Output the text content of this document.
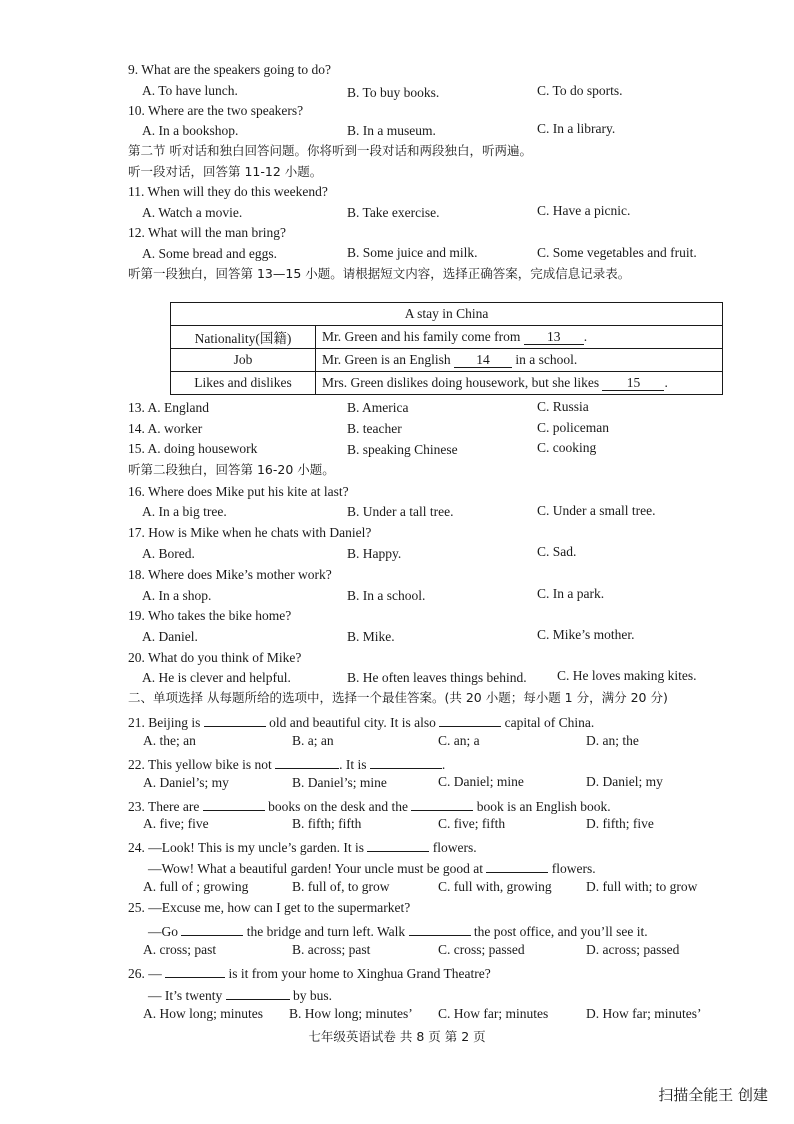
9. What are the speakers going to do?
A. To have lunch.	B. To buy books.	C. To do sports.
10. Where are the two speakers?
A. In a bookshop.	B. In a museum.	C. In a library.
第二节 听对话和独白回答问题。你将听到一段对话和两段独白，听两遍。
听一段对话，回答第 11-12 小题。
11. When will they do this weekend?
A. Watch a movie.	B. Take exercise.	C. Have a picnic.
12. What will the man bring?
A. Some bread and eggs.	B. Some juice and milk.	C. Some vegetables and fruit.
听第一段独白，回答第 13—15 小题。请根据短文内容，选择正确答案，完成信息记录表。
A stay in China	
Nationality(国籍)	Mr. Green and his family come from 13 .
Job	Mr. Green is an English 14 in a school.
Likes and dislikes	Mrs. Green dislikes doing housework, but she likes 15 .
13. A. England	B. America	C. Russia
14. A. worker	B. teacher	C. policeman
15. A. doing housework	B. speaking Chinese	C. cooking
听第二段独白，回答第 16-20 小题。
16. Where does Mike put his kite at last?
A. In a big tree.	B. Under a tall tree.	C. Under a small tree.
17. How is Mike when he chats with Daniel?
A. Bored.	B. Happy.	C. Sad.
18. Where does Mike’s mother work?
A. In a shop.	B. In a school.	C. In a park.
19. Who takes the bike home?
A. Daniel.	B. Mike.	C. Mike’s mother.
20. What do you think of Mike?
A. He is clever and helpful.	B. He often leaves things behind. C. He loves making kites.
二、单项选择 从每题所给的选项中，选择一个最佳答案。(共 20 小题；每小题 1 分，满分 20 分)
21. Beijing is	old and beautiful city. It is also	capital of China.
A. the; an	B. a; an	C. an; a	D. an; the
22. This yellow bike is not	. It is	.
A. Daniel’s; my	B. Daniel’s; mine	C. Daniel; mine	D. Daniel; my
23. There are	books on the desk and the	book is an English book.
A. five; five	B. fifth; fifth	C. five; fifth	D. fifth; five
24. —Look! This is my uncle’s garden. It is	flowers.
—Wow! What a beautiful garden! Your uncle must be good at	flowers.
A. full of ; growing	B. full of, to grow	C. full with, growing	D. full with; to grow
25. —Excuse me, how can I get to the supermarket?
—Go	the bridge and turn left. Walk	the post office, and you’ll see it.
A. cross; past	B. across; past	C. cross; passed	D. across; passed
26. —	is it from your home to Xinghua Grand Theatre?
— It’s twenty	by bus.
A. How long; minutes B. How long; minutes’ C. How far; minutes	D. How far; minutes’
七年级英语试卷 共 8 页 第 2 页
扫描全能王 创建
